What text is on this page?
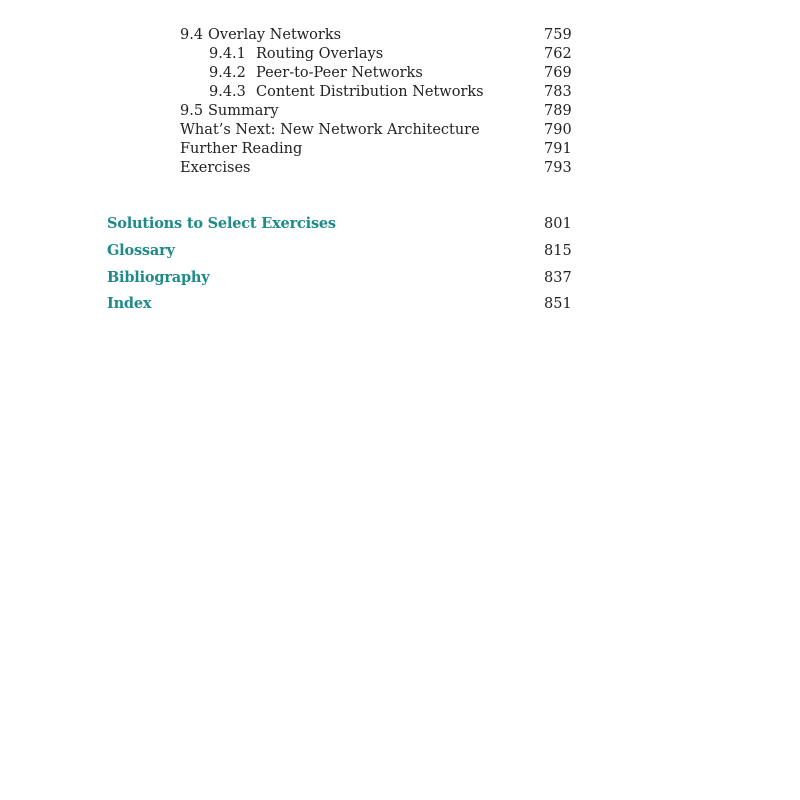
9.4 Overlay Networks	759
9.4.1 Routing Overlays	762
9.4.2 Peer-to-Peer Networks	769
9.4.3 Content Distribution Networks	783
9.5 Summary	789
What’s Next: New Network Architecture	790
Further Reading	791
Exercises	793
Solutions to Select Exercises	801
Glossary	815
Bibliography	837
Index	851
